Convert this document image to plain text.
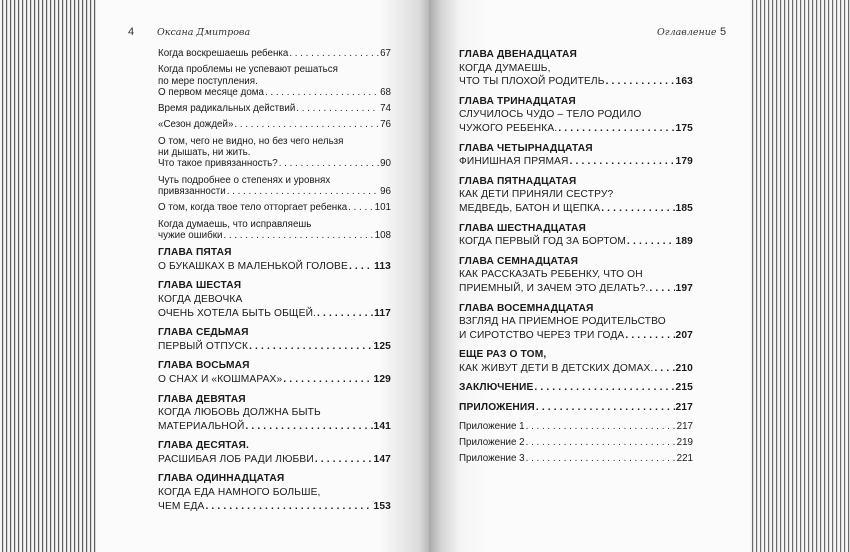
4 Оксана Дмитрова	Оглавление 5
Когда воскрешаешь ребенка . . .	67
Когда проблемы не успевают решаться
по мере поступления.
О первом месяце дома . . .	68
Время радикальных действий . . .	74
«Сезон дождей» . . .	76
О том, чего не видно, но без чего нельзя
ни дышать, ни жить.
Что такое привязанность? . . .	90
Чуть подробнее о степенях и уровнях
привязанности . . .	96
О том, когда твое тело отторгает ребенка . . .	101
Когда думаешь, что исправляешь
чужие ошибки . . .	108
ГЛАВА ПЯТАЯ
О БУКАШКАХ В МАЛЕНЬКОЙ ГОЛОВЕ . . .	113
ГЛАВА ШЕСТАЯ
КОГДА ДЕВОЧКА
ОЧЕНЬ ХОТЕЛА БЫТЬ ОБЩЕЙ. . . .	117
ГЛАВА СЕДЬМАЯ
ПЕРВЫЙ ОТПУСК . . .	125
ГЛАВА ВОСЬМАЯ
О СНАХ И «КОШМАРАХ» . . .	129
ГЛАВА ДЕВЯТАЯ
КОГДА ЛЮБОВЬ ДОЛЖНА БЫТЬ
МАТЕРИАЛЬНОЙ . . .	141
ГЛАВА ДЕСЯТАЯ.
РАСШИБАЯ ЛОБ РАДИ ЛЮБВИ . . .	147
ГЛАВА ОДИННАДЦАТАЯ
КОГДА ЕДА НАМНОГО БОЛЬШЕ,
ЧЕМ ЕДА . . .	153
ГЛАВА ДВЕНАДЦАТАЯ
КОГДА ДУМАЕШЬ,
ЧТО ТЫ ПЛОХОЙ РОДИТЕЛЬ . . .	163
ГЛАВА ТРИНАДЦАТАЯ
СЛУЧИЛОСЬ ЧУДО – ТЕЛО РОДИЛО
ЧУЖОГО РЕБЕНКА. . . .	175
ГЛАВА ЧЕТЫРНАДЦАТАЯ
ФИНИШНАЯ ПРЯМАЯ . . .	179
ГЛАВА ПЯТНАДЦАТАЯ
КАК ДЕТИ ПРИНЯЛИ СЕСТРУ?
МЕДВЕДЬ, БАТОН И ЩЕПКА . . .	185
ГЛАВА ШЕСТНАДЦАТАЯ
КОГДА ПЕРВЫЙ ГОД ЗА БОРТОМ . . .	189
ГЛАВА СЕМНАДЦАТАЯ
КАК РАССКАЗАТЬ РЕБЕНКУ, ЧТО ОН
ПРИЕМНЫЙ, И ЗАЧЕМ ЭТО ДЕЛАТЬ?. . . .	197
ГЛАВА ВОСЕМНАДЦАТАЯ
ВЗГЛЯД НА ПРИЕМНОЕ РОДИТЕЛЬСТВО
И СИРОТСТВО ЧЕРЕЗ ТРИ ГОДА . . .	207
ЕЩЕ РАЗ О ТОМ,
КАК ЖИВУТ ДЕТИ В ДЕТСКИХ ДОМАХ. . . . 210
ЗАКЛЮЧЕНИЕ . . .	215
ПРИЛОЖЕНИЯ . . .	217
Приложение 1 . . .	217
Приложение 2 . . .	219
Приложение 3 . . .	221
